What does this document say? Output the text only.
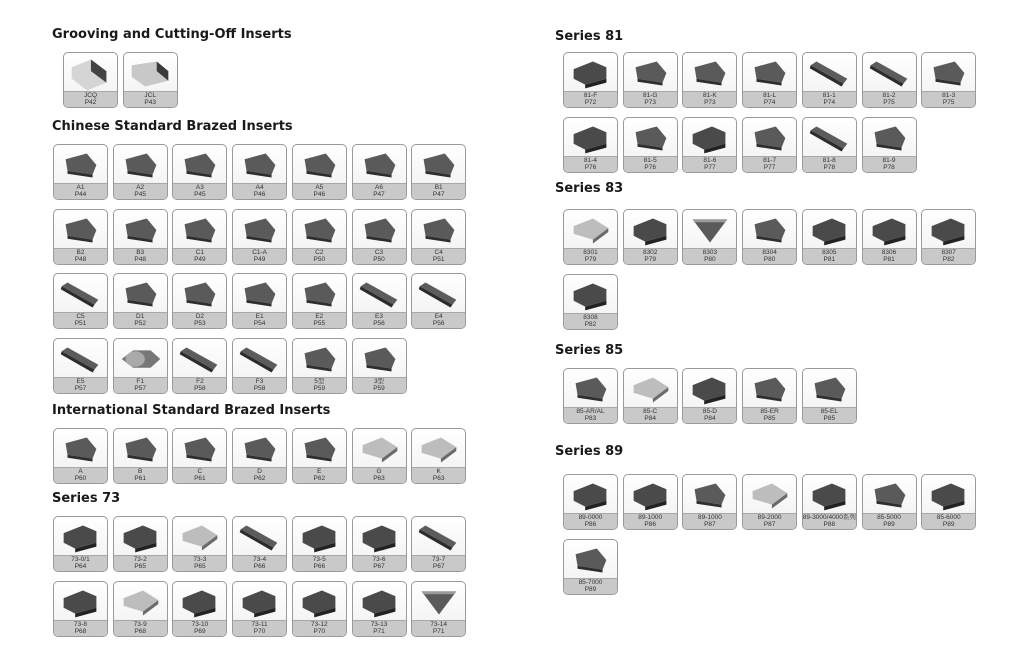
Grooving and Cutting-Off Inserts
Chinese Standard Brazed Inserts
International Standard Brazed Inserts
Series 73
Series 81
Series 83
Series 85
Series 89
JCQ
P42
JCL
P43
A1
P44
A2
P45
A3
P45
A4
P46
A5
P46
A6
P47
B1
P47
B2
P48
B3
P48
C1
P49
C1-A
P49
C2
P50
C3
P50
C4
P51
C5
P51
D1
P52
D2
P53
E1
P54
E2
P55
E3
P56
E4
P56
E5
P57
F1
P57
F2
P58
F3
P58
5型
P59
3型
P59
A
P60
B
P61
C
P61
D
P62
E
P62
G
P63
K
P63
73-0/1
P64
73-2
P65
73-3
P65
73-4
P66
73-5
P66
73-6
P67
73-7
P67
73-8
P68
73-9
P68
73-10
P69
73-11
P70
73-12
P70
73-13
P71
73-14
P71
81-F
P72
81-G
P73
81-K
P73
81-L
P74
81-1
P74
81-2
P75
81-3
P75
81-4
P76
81-5
P76
81-6
P77
81-7
P77
81-8
P78
81-9
P78
8301
P79
8302
P79
8303
P80
8304
P80
8305
P81
8306
P81
8307
P82
8308
P82
85-AR/AL
P83
85-C
P84
85-D
P84
85-ER
P85
85-EL
P85
89-0000
P86
89-1000
P86
89-1000
P87
89-2000
P87
89-3000/4000系列
P88
85-5000
P89
85-6000
P89
85-7000
P89
